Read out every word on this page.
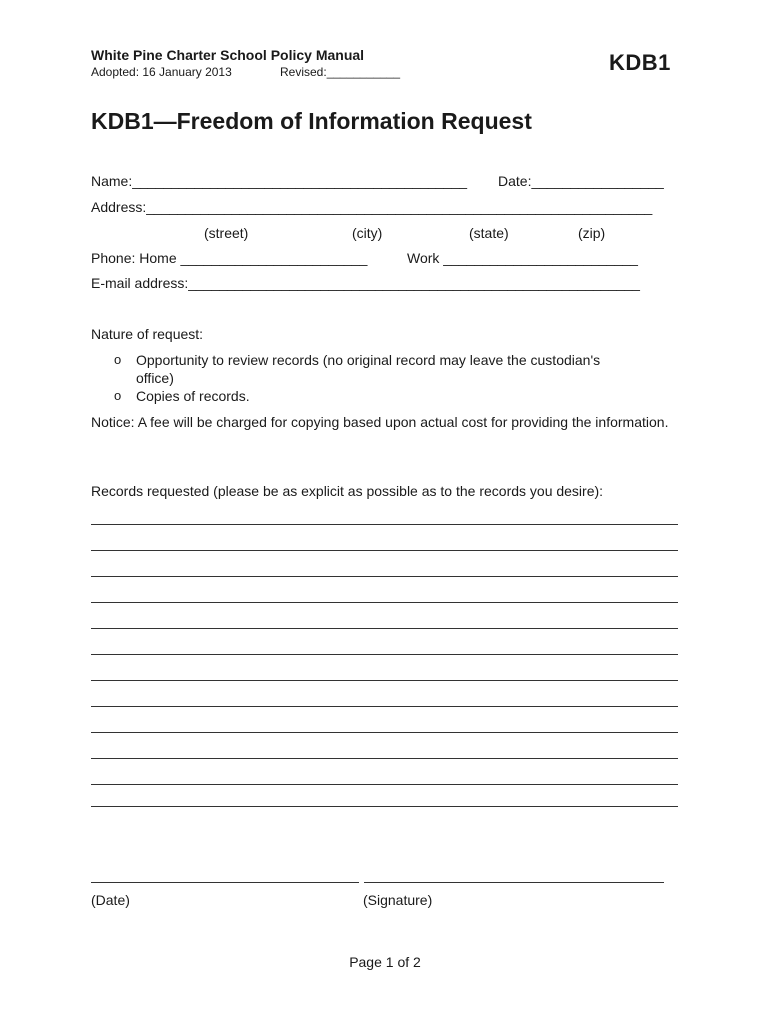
White Pine Charter School Policy Manual
Adopted: 16 January 2013	Revised:___________	KDB1
KDB1—Freedom of Information Request
Name:___________________________________________ Date:_________________
Address:_________________________________________________________________
(street)	(city)	(state)	(zip)
Phone: Home ________________________	Work _________________________
E-mail address:__________________________________________________________
Nature of request:
o Opportunity to review records (no original record may leave the custodian's
office)
o Copies of records.
Notice: A fee will be charged for copying based upon actual cost for providing the information.
Records requested (please be as explicit as possible as to the records you desire):
(Date)	(Signature)
Page 1 of 2
